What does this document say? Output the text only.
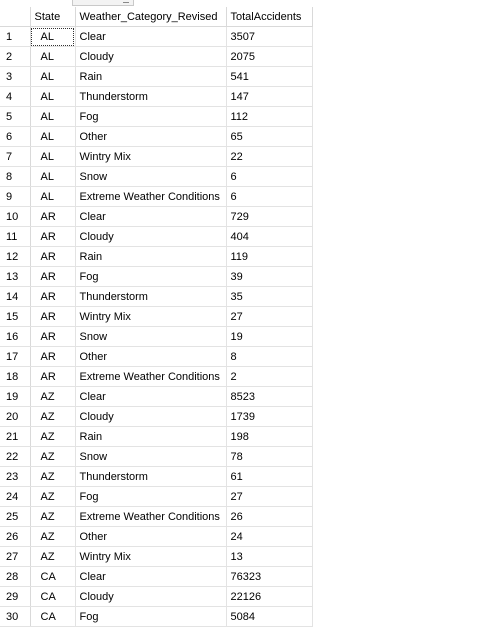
	State	Weather_Category_Revised	TotalAccidents
1	AL	Clear	3507
2	AL	Cloudy	2075
3	AL	Rain	541
4	AL	Thunderstorm	147
5	AL	Fog	112
6	AL	Other	65
7	AL	Wintry Mix	22
8	AL	Snow	6
9	AL	Extreme Weather Conditions	6
10	AR	Clear	729
11	AR	Cloudy	404
12	AR	Rain	119
13	AR	Fog	39
14	AR	Thunderstorm	35
15	AR	Wintry Mix	27
16	AR	Snow	19
17	AR	Other	8
18	AR	Extreme Weather Conditions	2
19	AZ	Clear	8523
20	AZ	Cloudy	1739
21	AZ	Rain	198
22	AZ	Snow	78
23	AZ	Thunderstorm	61
24	AZ	Fog	27
25	AZ	Extreme Weather Conditions	26
26	AZ	Other	24
27	AZ	Wintry Mix	13
28	CA	Clear	76323
29	CA	Cloudy	22126
30	CA	Fog	5084
